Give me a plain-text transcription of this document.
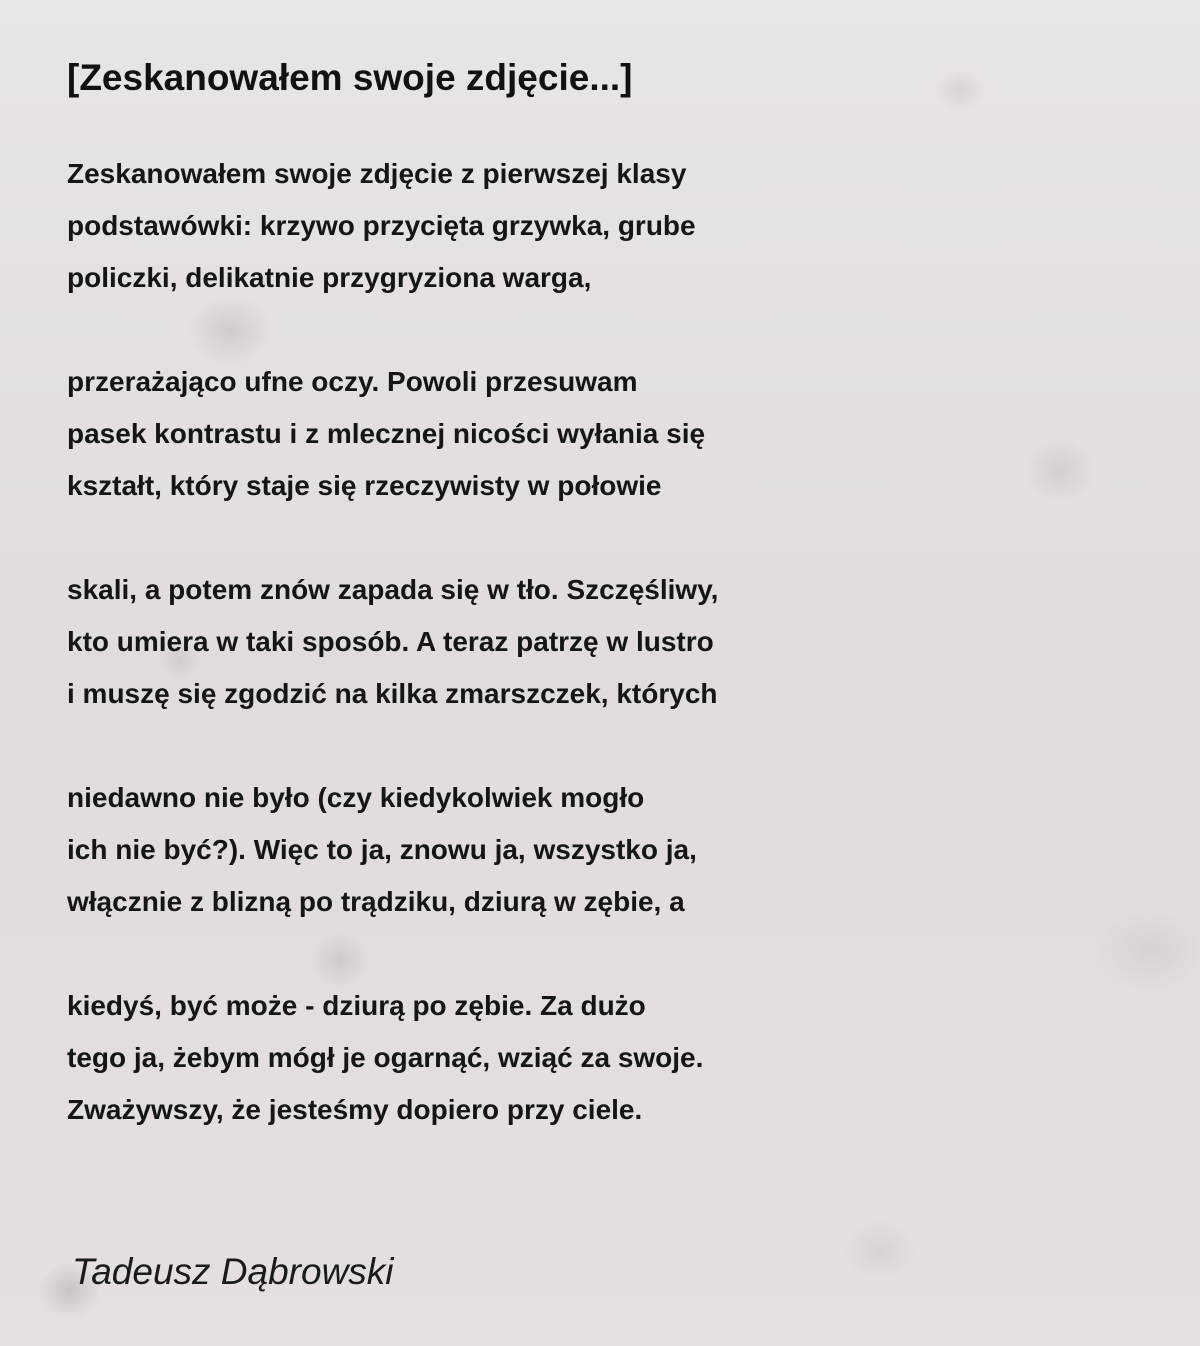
[Zeskanowałem swoje zdjęcie...]
Zeskanowałem swoje zdjęcie z pierwszej klasy
podstawówki: krzywo przycięta grzywka, grube
policzki, delikatnie przygryziona warga,
przerażająco ufne oczy. Powoli przesuwam
pasek kontrastu i z mlecznej nicości wyłania się
kształt, który staje się rzeczywisty w połowie
skali, a potem znów zapada się w tło. Szczęśliwy,
kto umiera w taki sposób. A teraz patrzę w lustro
i muszę się zgodzić na kilka zmarszczek, których
niedawno nie było (czy kiedykolwiek mogło
ich nie być?). Więc to ja, znowu ja, wszystko ja,
włącznie z blizną po trądziku, dziurą w zębie, a
kiedyś, być może - dziurą po zębie. Za dużo
tego ja, żebym mógł je ogarnąć, wziąć za swoje.
Zważywszy, że jesteśmy dopiero przy ciele.
Tadeusz Dąbrowski
